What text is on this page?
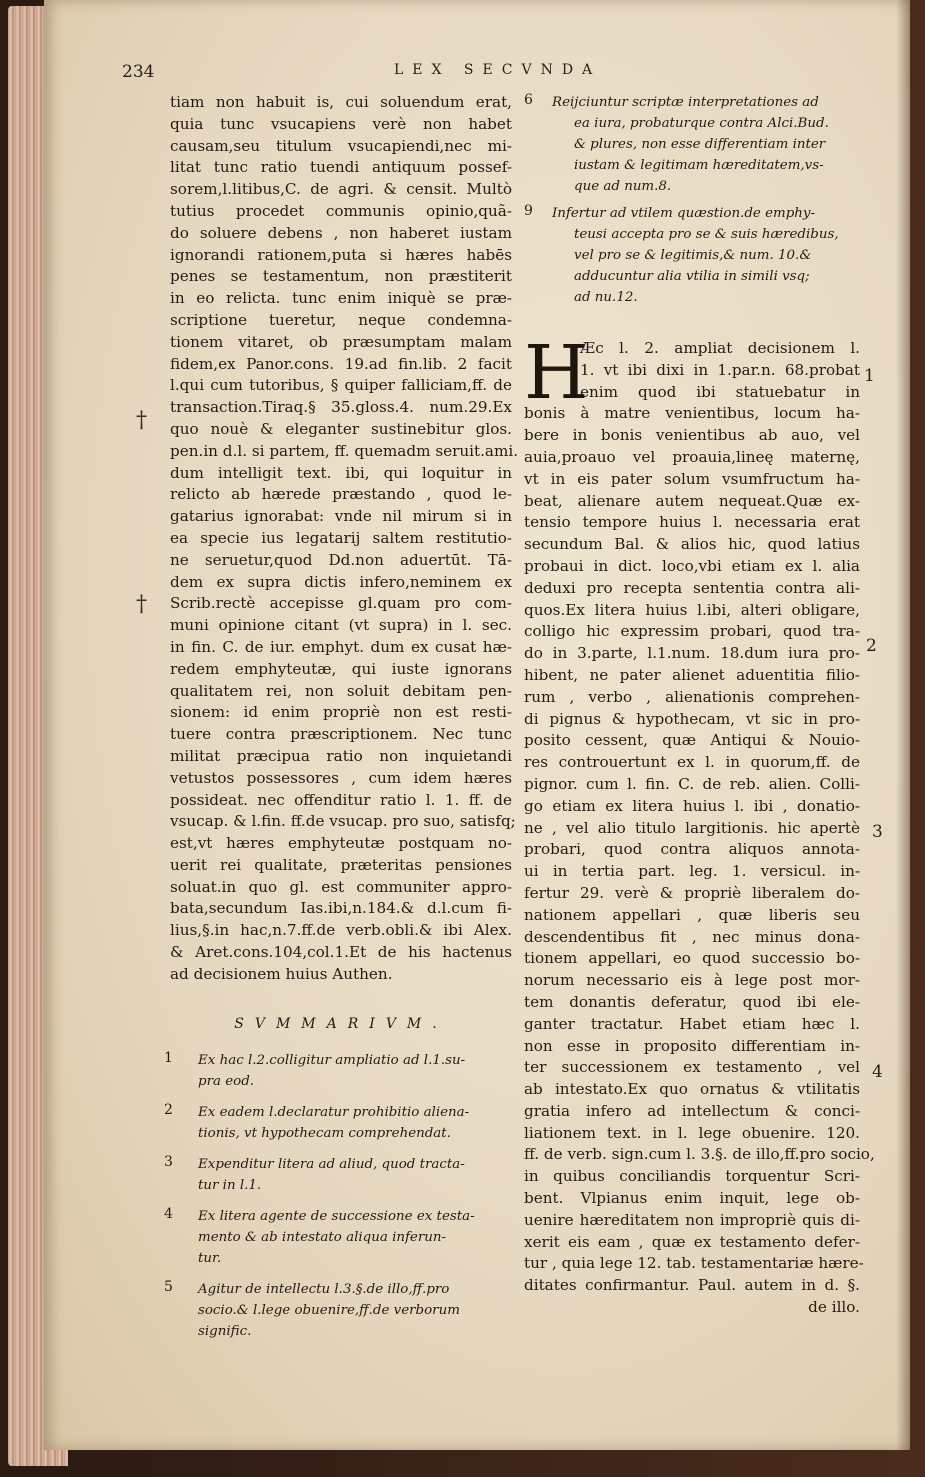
234	LEX SECVNDA
tiam non habuit is, cui soluendum erat,
quia tunc vsucapiens verè non habet
causam,seu titulum vsucapiendi,nec mi-
litat tunc ratio tuendi antiquum possef-
sorem,l.litibus,C. de agri. & censit. Multò
tutius procedet communis opinio,quã-
do soluere debens , non haberet iustam
ignorandi rationem,puta si hæres habēs
penes se testamentum, non præstiterit
in eo relicta. tunc enim iniquè se præ-
scriptione tueretur, neque condemna-
tionem vitaret, ob præsumptam malam
fidem,ex Panor.cons. 19.ad fin.lib. 2 facit
l.qui cum tutoribus, § quiper falliciam,ff. de
transaction.Tiraq.§ 35.gloss.4. num.29.Ex
quo nouè & eleganter sustinebitur glos.
pen.in d.l. si partem, ff. quemadm seruit.ami.
dum intelligit text. ibi, qui loquitur in
relicto ab hærede præstando , quod le-
gatarius ignorabat: vnde nil mirum si in
ea specie ius legatarij saltem restitutio-
ne seruetur,quod Dd.non aduertūt. Tā-
dem ex supra dictis infero,neminem ex
Scrib.rectè accepisse gl.quam pro com-
muni opinione citant (vt supra) in l. sec.
in fin. C. de iur. emphyt. dum ex cusat hæ-
redem emphyteutæ, qui iuste ignorans
qualitatem rei, non soluit debitam pen-
sionem: id enim propriè non est resti-
tuere contra præscriptionem. Nec tunc
militat præcipua ratio non inquietandi
vetustos possessores , cum idem hæres
possideat. nec offenditur ratio l. 1. ff. de
vsucap. & l.fin. ff.de vsucap. pro suo, satisfq;
est,vt hæres emphyteutæ postquam no-
uerit rei qualitate, præteritas pensiones
soluat.in quo gl. est communiter appro-
bata,secundum Ias.ibi,n.184.& d.l.cum fi-
lius,§.in hac,n.7.ff.de verb.obli.& ibi Alex.
& Aret.cons.104,col.1.Et de his hactenus
ad decisionem huius Authen.
SVMMARIVM.
1 Ex hac l.2.colligitur ampliatio ad l.1.su-
pra eod.
2 Ex eadem l.declaratur prohibitio aliena-
tionis, vt hypothecam comprehendat.
3 Expenditur litera ad aliud, quod tracta-
tur in l.1.
4 Ex litera agente de successione ex testa-
mento & ab intestato aliqua inferun-
tur.
5 Agitur de intellectu l.3.§.de illo,ff.pro
socio.& l.lege obuenire,ff.de verborum
signific.
6 Reijciuntur scriptæ interpretationes ad
ea iura, probaturque contra Alci.Bud.
& plures, non esse differentiam inter
iustam & legitimam hæreditatem,vs-
que ad num.8.
9 Infertur ad vtilem quæstion.de emphy-
teusi accepta pro se & suis hæredibus,
vel pro se & legitimis,& num. 10.&
adducuntur alia vtilia in simili vsq;
ad nu.12.
H
Æc l. 2. ampliat decisionem l.
1. vt ibi dixi in 1.par.n. 68.probat
enim quod ibi statuebatur in
bonis à matre venientibus, locum ha-
bere in bonis venientibus ab auo, vel
auia,proauo vel proauia,lineę maternę,
vt in eis pater solum vsumfructum ha-
beat, alienare autem nequeat.Quæ ex-
tensio tempore huius l. necessaria erat
secundum Bal. & alios hic, quod latius
probaui in dict. loco,vbi etiam ex l. alia
deduxi pro recepta sententia contra ali-
quos.Ex litera huius l.ibi, alteri obligare,
colligo hic expressim probari, quod tra-
do in 3.parte, l.1.num. 18.dum iura pro-
hibent, ne pater alienet aduentitia filio-
rum , verbo , alienationis comprehen-
di pignus & hypothecam, vt sic in pro-
posito cessent, quæ Antiqui & Nouio-
res controuertunt ex l. in quorum,ff. de
pignor. cum l. fin. C. de reb. alien. Colli-
go etiam ex litera huius l. ibi , donatio-
ne , vel alio titulo largitionis. hic apertè
probari, quod contra aliquos annota-
ui in tertia part. leg. 1. versicul. in-
fertur 29. verè & propriè liberalem do-
nationem appellari , quæ liberis seu
descendentibus fit , nec minus dona-
tionem appellari, eo quod successio bo-
norum necessario eis à lege post mor-
tem donantis deferatur, quod ibi ele-
ganter tractatur. Habet etiam hæc l.
non esse in proposito differentiam in-
ter successionem ex testamento , vel
ab intestato.Ex quo ornatus & vtilitatis
gratia infero ad intellectum & conci-
liationem text. in l. lege obuenire. 120.
ff. de verb. sign.cum l. 3.§. de illo,ff.pro socio,
in quibus conciliandis torquentur Scri-
bent. Vlpianus enim inquit, lege ob-
uenire hæreditatem non impropriè quis di-
xerit eis eam , quæ ex testamento defer-
tur , quia lege 12. tab. testamentariæ hære-
ditates confirmantur. Paul. autem in d. §.
de illo.
†
†
1
2
3
4
